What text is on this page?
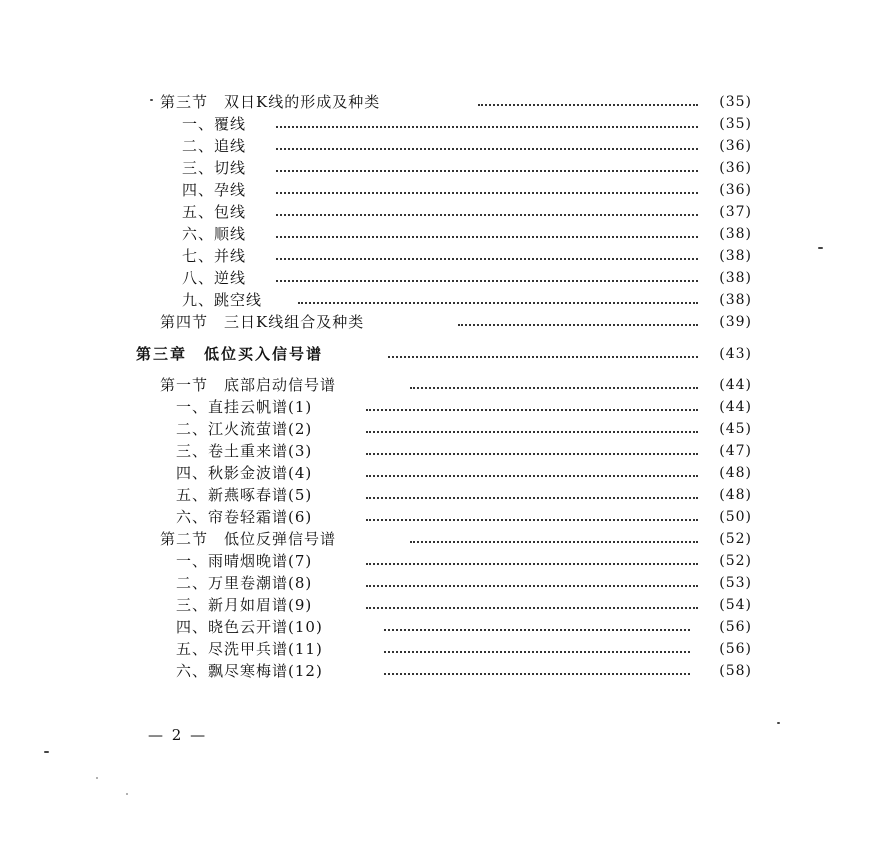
第三节　双日K线的形成及种类	(35)
一、覆线	(35)
二、追线	(36)
三、切线	(36)
四、孕线	(36)
五、包线	(37)
六、顺线	(38)
七、并线	(38)
八、逆线	(38)
九、跳空线	(38)
第四节　三日K线组合及种类	(39)
第三章　低位买入信号谱	(43)
第一节　底部启动信号谱	(44)
一、直挂云帆谱(1)	(44)
二、江火流萤谱(2)	(45)
三、卷土重来谱(3)	(47)
四、秋影金波谱(4)	(48)
五、新燕啄春谱(5)	(48)
六、帘卷轻霜谱(6)	(50)
第二节　低位反弹信号谱	(52)
一、雨晴烟晚谱(7)	(52)
二、万里卷潮谱(8)	(53)
三、新月如眉谱(9)	(54)
四、晓色云开谱(10)	(56)
五、尽洗甲兵谱(11)	(56)
六、飘尽寒梅谱(12)	(58)
— 2 —
